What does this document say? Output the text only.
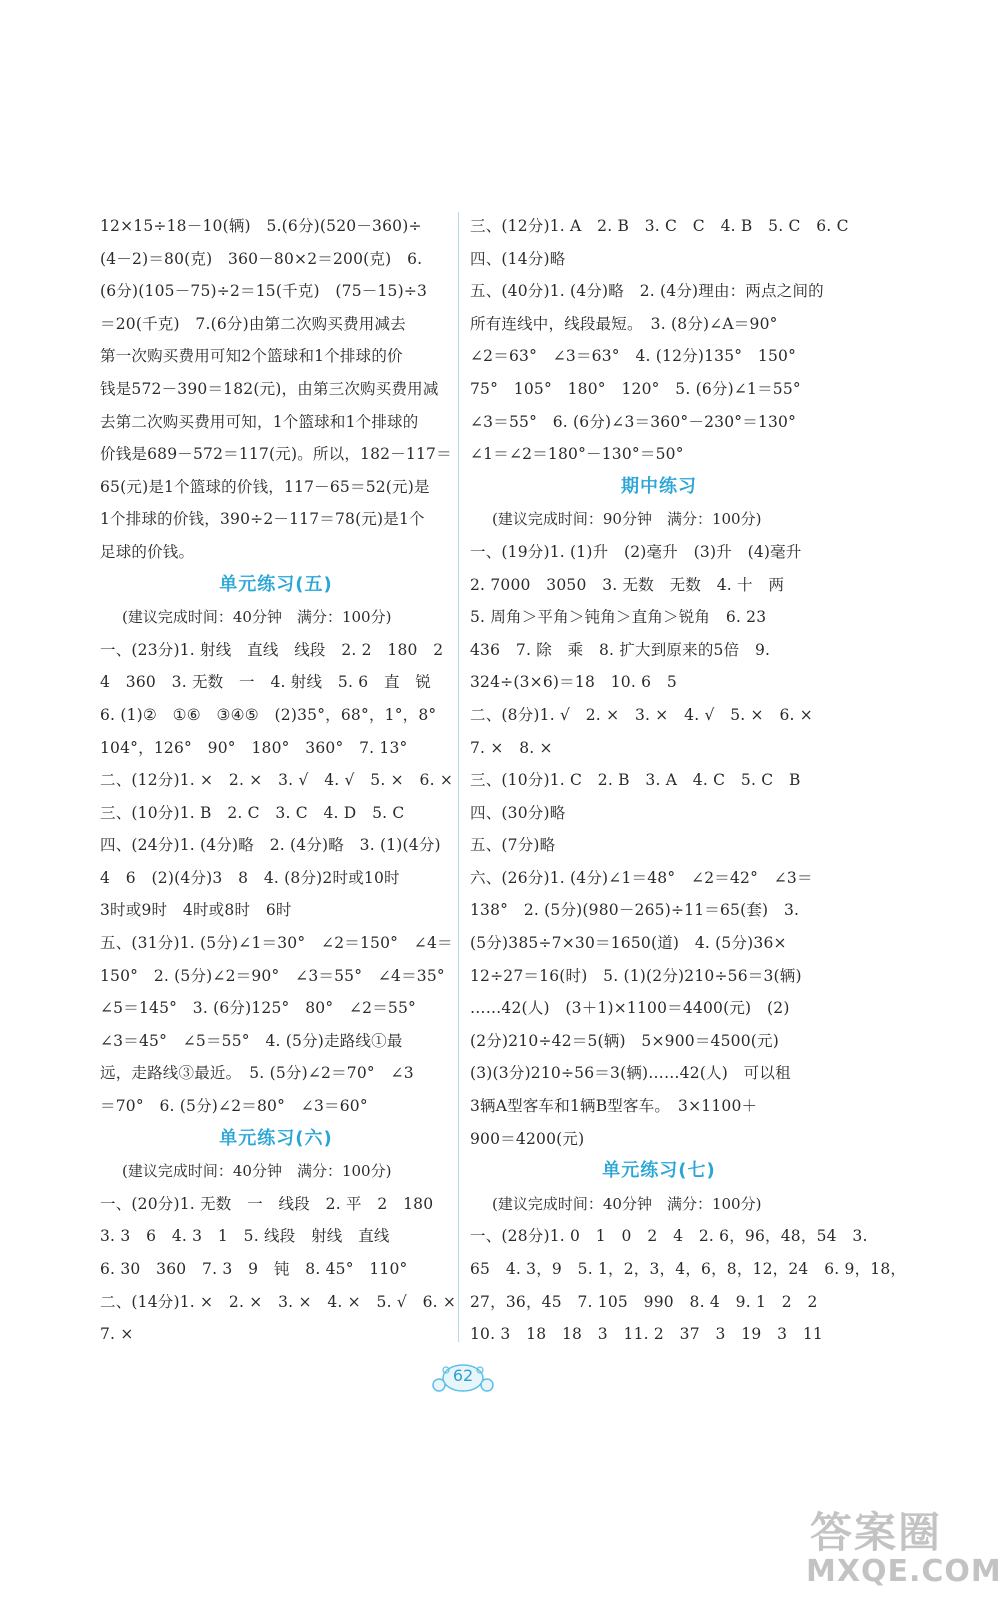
12×15÷18－10(辆)　5.(6分)(520－360)÷
(4－2)＝80(克)　360－80×2＝200(克)　6.
(6分)(105－75)÷2＝15(千克)　(75－15)÷3
＝20(千克)　7.(6分)由第二次购买费用减去
第一次购买费用可知2个篮球和1个排球的价
钱是572－390＝182(元)，由第三次购买费用减
去第二次购买费用可知，1个篮球和1个排球的
价钱是689－572＝117(元)。所以，182－117＝
65(元)是1个篮球的价钱，117－65＝52(元)是
1个排球的价钱，390÷2－117＝78(元)是1个
足球的价钱。
单元练习(五)
(建议完成时间：40分钟　满分：100分)
一、(23分)1. 射线　直线　线段　2. 2　180　2
4　360　3. 无数　一　4. 射线　5. 6　直　锐
6. (1)②　①⑥　③④⑤　(2)35°，68°，1°，8°
104°，126°　90°　180°　360°　7. 13°
二、(12分)1. ×　2. ×　3. √　4. √　5. ×　6. ×
三、(10分)1. B　2. C　3. C　4. D　5. C
四、(24分)1. (4分)略　2. (4分)略　3. (1)(4分)
4　6　(2)(4分)3　8　4. (8分)2时或10时
3时或9时　4时或8时　6时
五、(31分)1. (5分)∠1＝30°　∠2＝150°　∠4＝
150°　2. (5分)∠2＝90°　∠3＝55°　∠4＝35°
∠5＝145°　3. (6分)125°　80°　∠2＝55°
∠3＝45°　∠5＝55°　4. (5分)走路线①最
远，走路线③最近。　5. (5分)∠2＝70°　∠3
＝70°　6. (5分)∠2＝80°　∠3＝60°
单元练习(六)
(建议完成时间：40分钟　满分：100分)
一、(20分)1. 无数　一　线段　2. 平　2　180
3. 3　6　4. 3　1　5. 线段　射线　直线
6. 30　360　7. 3　9　钝　8. 45°　110°
二、(14分)1. ×　2. ×　3. ×　4. ×　5. √　6. ×
7. ×
三、(12分)1. A　2. B　3. C　C　4. B　5. C　6. C
四、(14分)略
五、(40分)1. (4分)略　2. (4分)理由：两点之间的
所有连线中，线段最短。　3. (8分)∠A＝90°
∠2＝63°　∠3＝63°　4. (12分)135°　150°
75°　105°　180°　120°　5. (6分)∠1＝55°
∠3＝55°　6. (6分)∠3＝360°－230°＝130°
∠1＝∠2＝180°－130°＝50°
期中练习
(建议完成时间：90分钟　满分：100分)
一、(19分)1. (1)升　(2)毫升　(3)升　(4)毫升
2. 7000　3050　3. 无数　无数　4. 十　两
5. 周角＞平角＞钝角＞直角＞锐角　6. 23
436　7. 除　乘　8. 扩大到原来的5倍　9.
324÷(3×6)＝18　10. 6　5
二、(8分)1. √　2. ×　3. ×　4. √　5. ×　6. ×
7. ×　8. ×
三、(10分)1. C　2. B　3. A　4. C　5. C　B
四、(30分)略
五、(7分)略
六、(26分)1. (4分)∠1＝48°　∠2＝42°　∠3＝
138°　2. (5分)(980－265)÷11＝65(套)　3.
(5分)385÷7×30＝1650(道)　4. (5分)36×
12÷27＝16(时)　5. (1)(2分)210÷56＝3(辆)
……42(人)　(3＋1)×1100＝4400(元)　(2)
(2分)210÷42＝5(辆)　5×900＝4500(元)
(3)(3分)210÷56＝3(辆)……42(人)　可以租
3辆A型客车和1辆B型客车。　3×1100＋
900＝4200(元)
单元练习(七)
(建议完成时间：40分钟　满分：100分)
一、(28分)1. 0　1　0　2　4　2. 6，96，48，54　3.
65　4. 3，9　5. 1，2，3，4，6，8，12，24　6. 9，18，
27，36，45　7. 105　990　8. 4　9. 1　2　2
10. 3　18　18　3　11. 2　37　3　19　3　11
62
答案圈
MXQE.COM
